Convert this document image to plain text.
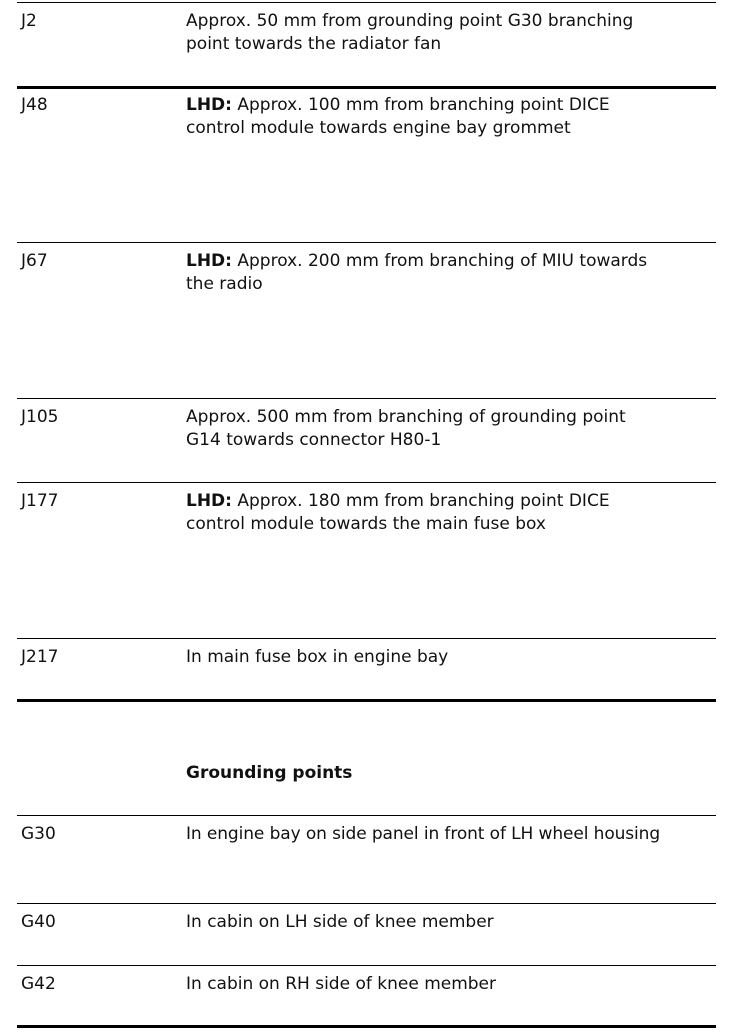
J2	Approx. 50 mm from grounding point G30 branching
point towards the radiator fan
J48	LHD: Approx. 100 mm from branching point DICE
control module towards engine bay grommet
J67	LHD: Approx. 200 mm from branching of MIU towards
the radio
J105	Approx. 500 mm from branching of grounding point
G14 towards connector H80-1
J177	LHD: Approx. 180 mm from branching point DICE
control module towards the main fuse box
J217	In main fuse box in engine bay
Grounding points
G30	In engine bay on side panel in front of LH wheel housing
G40	In cabin on LH side of knee member
G42	In cabin on RH side of knee member
